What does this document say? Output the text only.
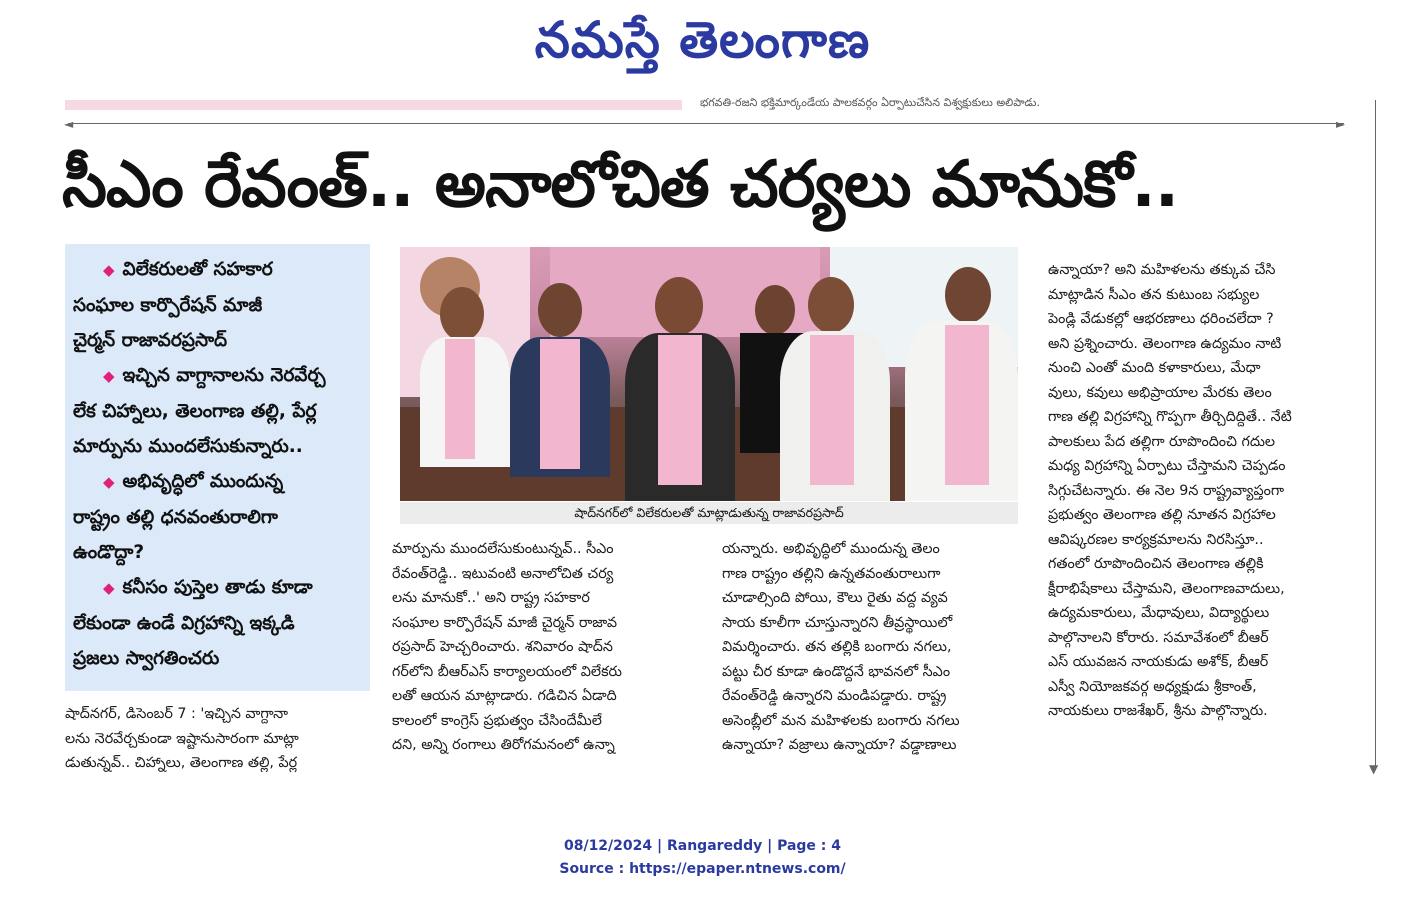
నమస్తే తెలంగాణ
భగవతి-రజని భక్తిమార్కండేయ పాలకవర్గం ఏర్పాటుచేసిన విశ్వక్షుకులు అలిపాడు.
◄	►
▼
సీఎం రేవంత్.. అనాలోచిత చర్యలు మానుకో..
◆ విలేకరులతో సహకార
సంఘాల కార్పొరేషన్ మాజీ
చైర్మన్ రాజావరప్రసాద్
◆ ఇచ్చిన వాగ్దానాలను నెరవేర్చ
లేక చిహ్నాలు, తెలంగాణ తల్లి, పేర్ల
మార్పును ముందలేసుకున్నారు..
◆ అభివృద్ధిలో ముందున్న
రాష్ట్రం తల్లి ధనవంతురాలిగా
ఉండొద్దా?
◆ కనీసం పుస్తెల తాడు కూడా
లేకుండా ఉండే విగ్రహాన్ని ఇక్కడి
ప్రజలు స్వాగతించరు
షాద్‌నగర్‌లో విలేకరులతో మాట్లాడుతున్న రాజావరప్రసాద్

షాద్‌నగర్, డిసెంబర్ 7 : 'ఇచ్చిన వాగ్దానా

లను నెరవేర్చకుండా ఇష్టానుసారంగా మాట్లా

డుతున్నవ్.. చిహ్నాలు, తెలంగాణ తల్లి, పేర్ల

మార్పును ముందలేసుకుంటున్నవ్.. సీఎం

రేవంత్‌రెడ్డి.. ఇటువంటి అనాలోచిత చర్య

లను మానుకో..' అని రాష్ట్ర సహకార

సంఘాల కార్పొరేషన్ మాజీ చైర్మన్ రాజావ

రప్రసాద్ హెచ్చరించారు. శనివారం షాద్‌న

గర్‌లోని బీఆర్‌ఎస్ కార్యాలయంలో విలేకరు

లతో ఆయన మాట్లాడారు. గడిచిన ఏడాది

కాలంలో కాంగ్రెస్ ప్రభుత్వం చేసిందేమీలే

దని, అన్ని రంగాలు తిరోగమనంలో ఉన్నా

యన్నారు. అభివృద్ధిలో ముందున్న తెలం

గాణ రాష్ట్రం తల్లిని ఉన్నతవంతురాలుగా

చూడాల్సింది పోయి, కౌలు రైతు వద్ద వ్యవ

సాయ కూలీగా చూస్తున్నారని తీవ్రస్థాయిలో

విమర్శించారు. తన తల్లికి బంగారు నగలు,

పట్టు చీర కూడా ఉండొద్దనే భావనలో సీఎం

రేవంత్‌రెడ్డి ఉన్నారని మండిపడ్డారు. రాష్ట్ర

అసెంబ్లీలో మన మహిళలకు బంగారు నగలు

ఉన్నాయా? వజ్రాలు ఉన్నాయా? వడ్డాణాలు

ఉన్నాయా? అని మహిళలను తక్కువ చేసి

మాట్లాడిన సీఎం తన కుటుంబ సభ్యుల

పెండ్లి వేడుకల్లో ఆభరణాలు ధరించలేదా ?

అని ప్రశ్నించారు. తెలంగాణ ఉద్యమం నాటి

నుంచి ఎంతో మంది కళాకారులు, మేధా

వులు, కవులు అభిప్రాయాల మేరకు తెలం

గాణ తల్లి విగ్రహాన్ని గొప్పగా తీర్చిదిద్దితే.. నేటి

పాలకులు పేద తల్లిగా రూపొందించి గదుల

మధ్య విగ్రహాన్ని ఏర్పాటు చేస్తామని చెప్పడం

సిగ్గుచేటన్నారు. ఈ నెల 9న రాష్ట్రవ్యాప్తంగా

ప్రభుత్వం తెలంగాణ తల్లి నూతన విగ్రహాల

ఆవిష్కరణల కార్యక్రమాలను నిరసిస్తూ..

గతంలో రూపొందించిన తెలంగాణ తల్లికి

క్షీరాభిషేకాలు చేస్తామని, తెలంగాణవాదులు,

ఉద్యమకారులు, మేధావులు, విద్యార్థులు

పాల్గొనాలని కోరారు. సమావేశంలో బీఆర్

ఎస్ యువజన నాయకుడు అశోక్, బీఆర్

ఎస్వీ నియోజకవర్గ అధ్యక్షుడు శ్రీకాంత్,

నాయకులు రాజశేఖర్, శ్రీను పాల్గొన్నారు.

08/12/2024 | Rangareddy | Page : 4
Source : https://epaper.ntnews.com/
